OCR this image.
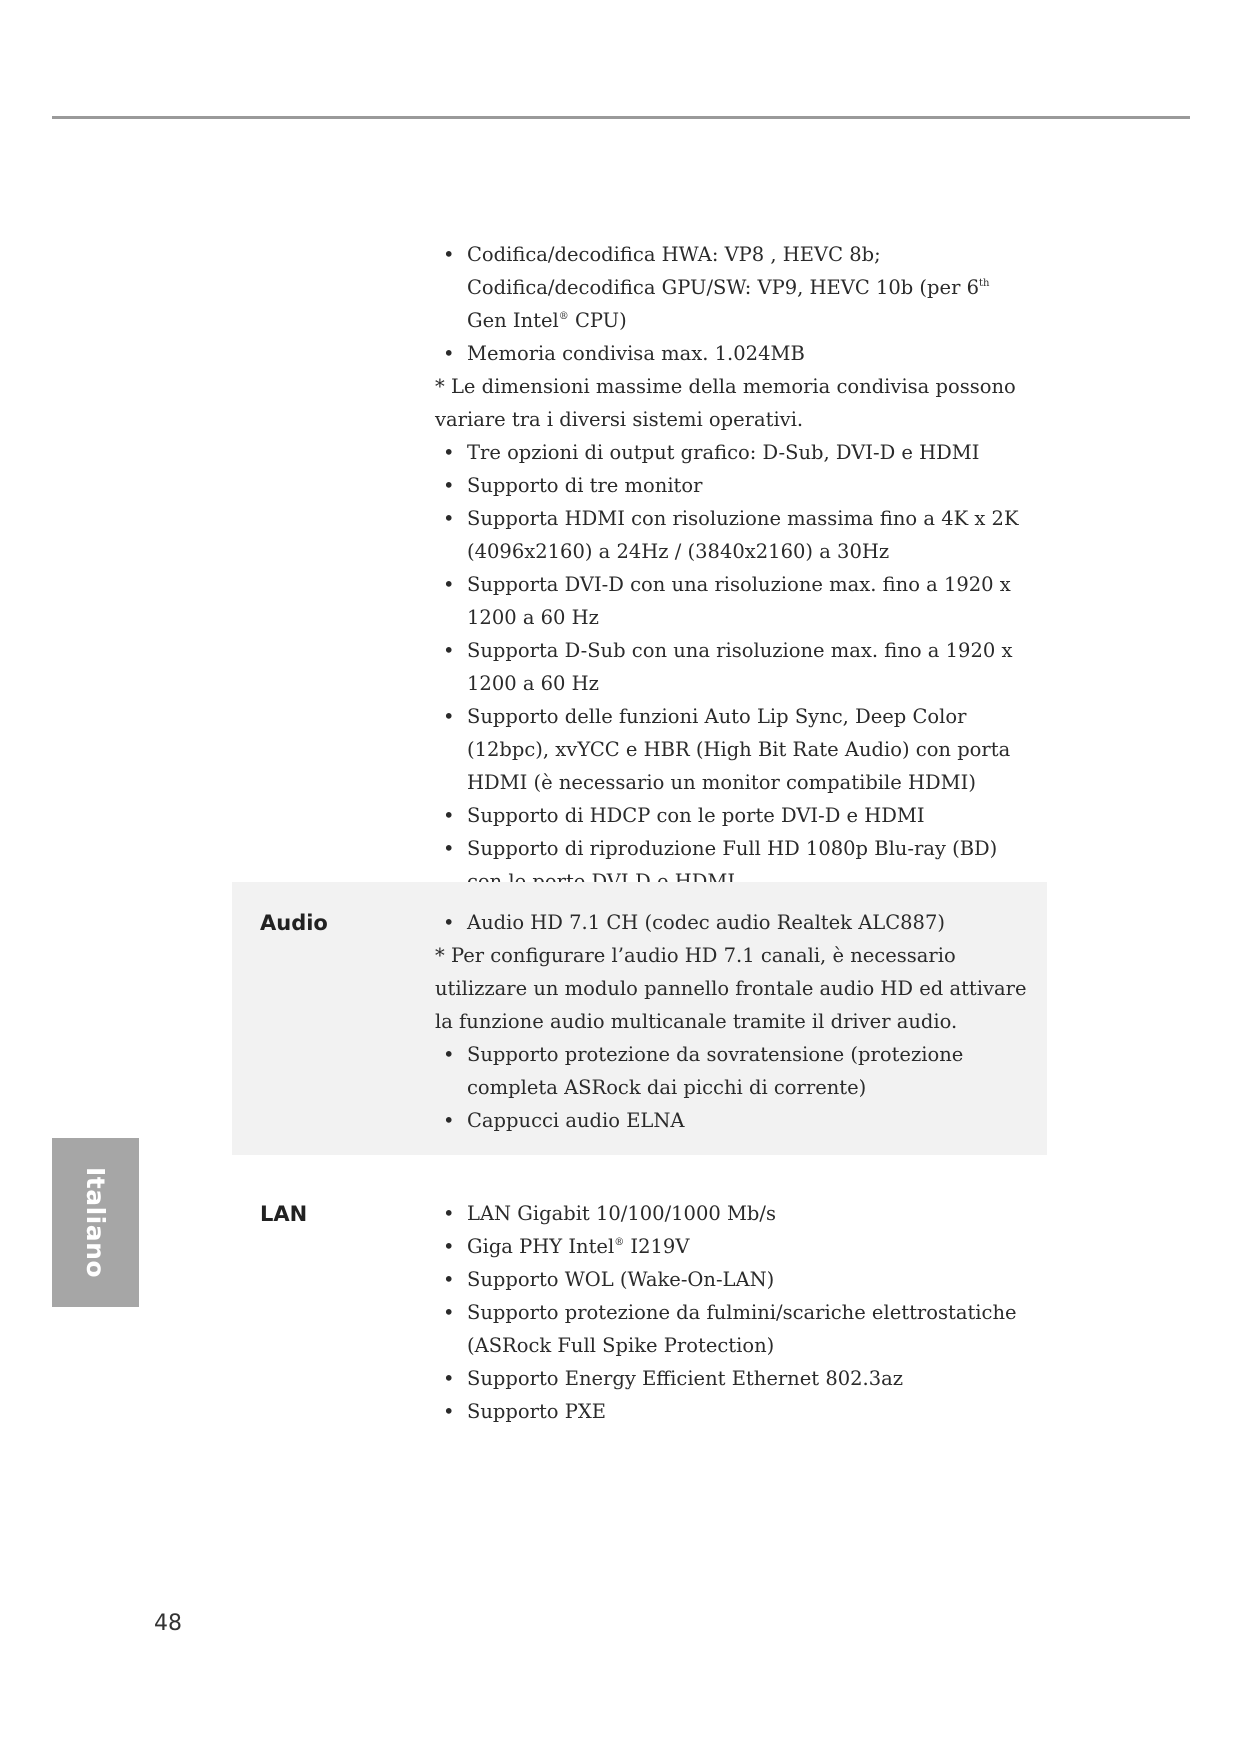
• Codifica/decodifica HWA: VP8 , HEVC 8b; Codifica/decodifica GPU/SW: VP9, HEVC 10b (per 6th Gen Intel® CPU)
• Memoria condivisa max. 1.024MB

* Le dimensioni massime della memoria condivisa possono variare tra i diversi sistemi operativi.

• Tre opzioni di output grafico: D-Sub, DVI-D e HDMI
• Supporto di tre monitor
• Supporta HDMI con risoluzione massima fino a 4K x 2K (4096x2160) a 24Hz / (3840x2160) a 30Hz
• Supporta DVI-D con una risoluzione max. fino a 1920 x 1200 a 60 Hz
• Supporta D-Sub con una risoluzione max. fino a 1920 x 1200 a 60 Hz
• Supporto delle funzioni Auto Lip Sync, Deep Color (12bpc), xvYCC e HBR (High Bit Rate Audio) con porta HDMI (è necessario un monitor compatibile HDMI)
• Supporto di HDCP con le porte DVI-D e HDMI
• Supporto di riproduzione Full HD 1080p Blu-ray (BD)
Audio	• Audio HD 7.1 CH (codec audio Realtek ALC887)

* Per configurare l’audio HD 7.1 canali, è necessario utilizzare un modulo pannello frontale audio HD ed attivare la funzione audio multicanale tramite il driver audio.

• Supporto protezione da sovratensione (protezione completa ASRock dai picchi di corrente)
• Cappucci audio ELNA
LAN	• LAN Gigabit 10/100/1000 Mb/s
• Giga PHY Intel® I219V
• Supporto WOL (Wake-On-LAN)
• Supporto protezione da fulmini/scariche elettrostatiche (ASRock Full Spike Protection)
• Supporto Energy Efficient Ethernet 802.3az
• Supporto PXE
Italiano
48
